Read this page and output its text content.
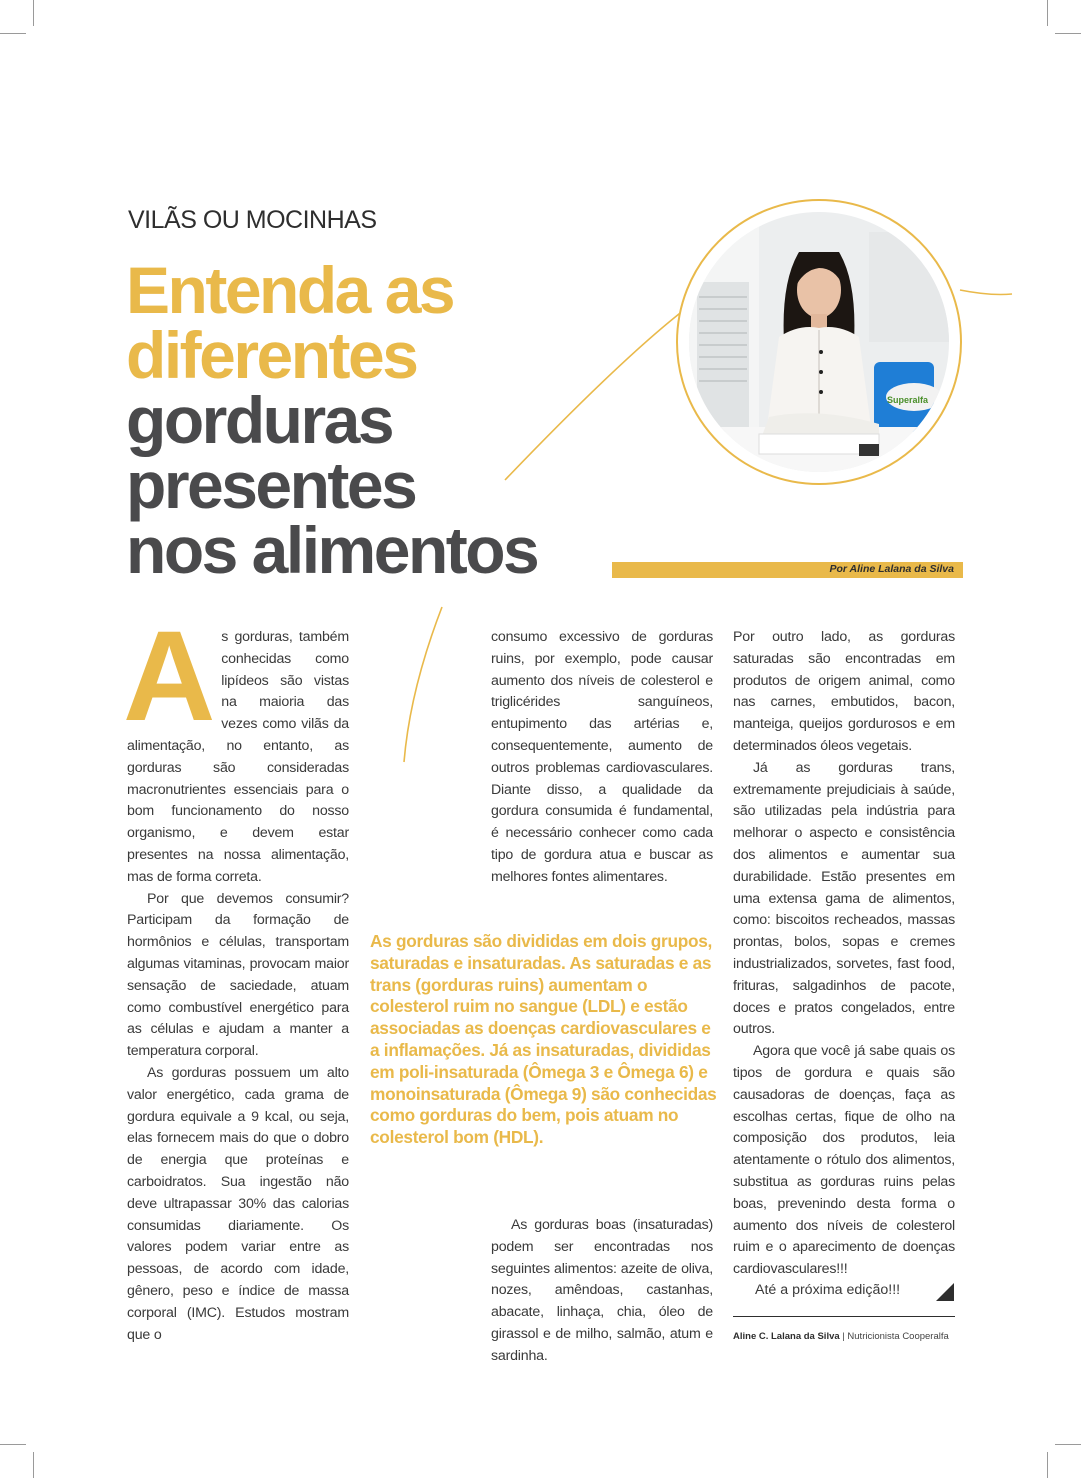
VILÃS OU MOCINHAS
Entenda as
diferentes
gorduras
presentes
nos alimentos	Por Aline Lalana da Silva
Superalfa

As gorduras, também conhecidas como lipídeos são vistas na maioria das vezes como vilãs da alimentação, no entanto, as gorduras são consideradas macronutrientes essenciais para o bom funcionamento do nosso organismo, e devem estar presentes na nossa alimentação, mas de forma correta.

Por que devemos consumir? Participam da formação de hormônios e células, transportam algumas vitaminas, provocam maior sensação de saciedade, atuam como combustível energético para as células e ajudam a manter a temperatura corporal.

As gorduras possuem um alto valor energético, cada grama de gordura equivale a 9 kcal, ou seja, elas fornecem mais do que o dobro de energia que proteínas e carboidratos. Sua ingestão não deve ultrapassar 30% das calorias consumidas diariamente. Os valores podem variar entre as pessoas, de acordo com idade, gênero, peso e índice de massa corporal (IMC). Estudos mostram que o

consumo excessivo de gorduras ruins, por exemplo, pode causar aumento dos níveis de colesterol e triglicérides sanguíneos, entupimento das artérias e, consequentemente, aumento de outros problemas cardiovasculares. Diante disso, a qualidade da gordura consumida é fundamental, é necessário conhecer como cada tipo de gordura atua e buscar as melhores fontes alimentares.

As gorduras são divididas em dois grupos, saturadas e insaturadas. As saturadas e as trans (gorduras ruins) aumentam o colesterol ruim no sangue (LDL) e estão associadas as doenças cardiovasculares e a inflamações. Já as insaturadas, divididas em poli-insaturada (Ômega 3 e Ômega 6) e monoinsaturada (Ômega 9) são conhecidas como gorduras do bem, pois atuam no colesterol bom (HDL).

As gorduras boas (insaturadas) podem ser encontradas nos seguintes alimentos: azeite de oliva, nozes, amêndoas, castanhas, abacate, linhaça, chia, óleo de girassol e de milho, salmão, atum e sardinha.

Por outro lado, as gorduras saturadas são encontradas em produtos de origem animal, como nas carnes, embutidos, bacon, manteiga, queijos gordurosos e em determinados óleos vegetais.

Já as gorduras trans, extremamente prejudiciais à saúde, são utilizadas pela indústria para melhorar o aspecto e consistência dos alimentos e aumentar sua durabilidade. Estão presentes em uma extensa gama de alimentos, como: biscoitos recheados, massas prontas, bolos, sopas e cremes industrializados, sorvetes, fast food, frituras, salgadinhos de pacote, doces e pratos congelados, entre outros.

Agora que você já sabe quais os tipos de gordura e quais são causadoras de doenças, faça as escolhas certas, fique de olho na composição dos produtos, leia atentamente o rótulo dos alimentos, substitua as gorduras ruins pelas boas, prevenindo desta forma o aumento dos níveis de colesterol ruim e o aparecimento de doenças cardiovasculares!!!

Até a próxima edição!!!
Aline C. Lalana da Silva | Nutricionista Cooperalfa
